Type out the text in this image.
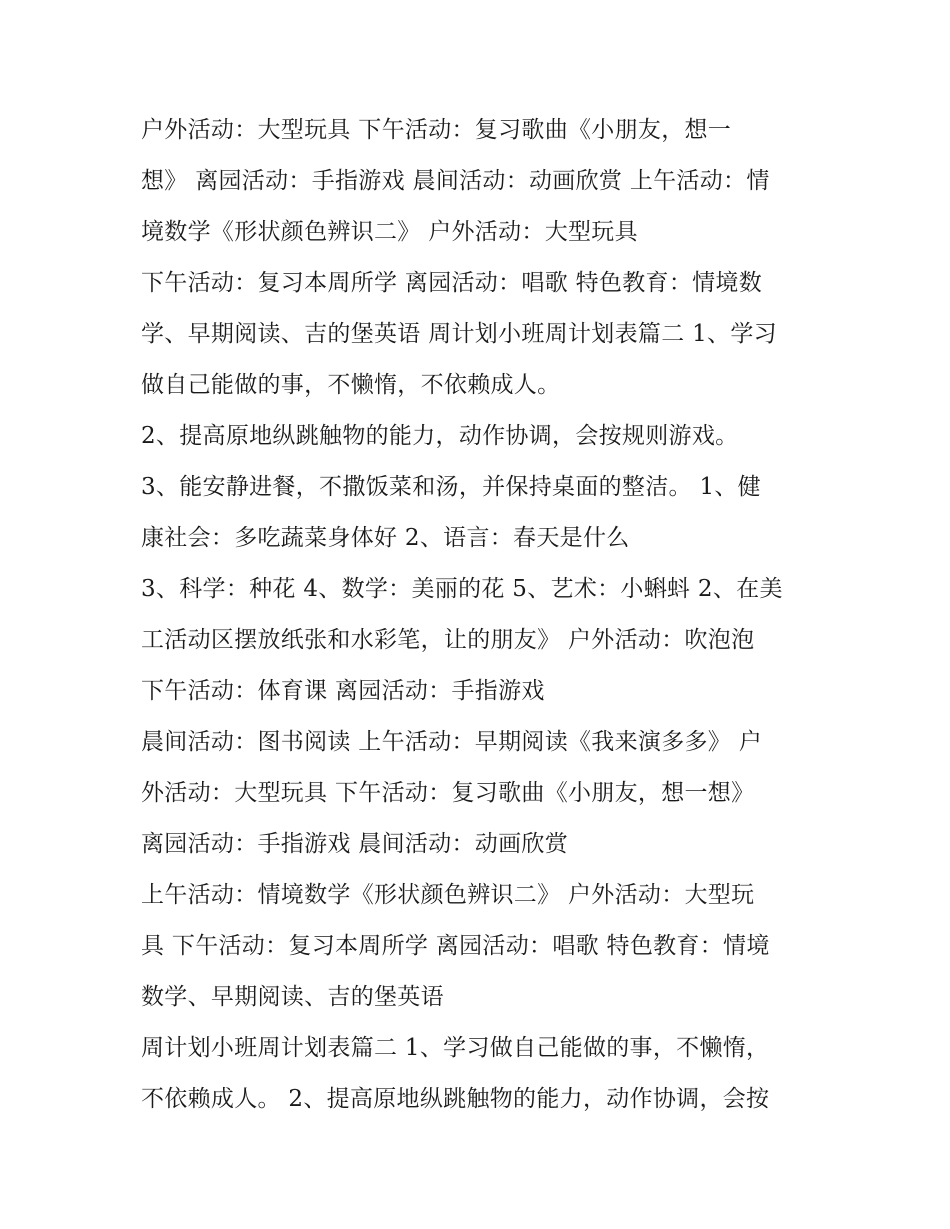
户外活动：大型玩具 下午活动：复习歌曲《小朋友，想一
想》 离园活动：手指游戏 晨间活动：动画欣赏 上午活动：情
境数学《形状颜色辨识二》 户外活动：大型玩具
下午活动：复习本周所学 离园活动：唱歌 特色教育：情境数
学、早期阅读、吉的堡英语 周计划小班周计划表篇二 1、学习
做自己能做的事，不懒惰，不依赖成人。
2、提高原地纵跳触物的能力，动作协调，会按规则游戏。
3、能安静进餐，不撒饭菜和汤，并保持桌面的整洁。 1、健
康社会：多吃蔬菜身体好 2、语言：春天是什么
3、科学：种花 4、数学：美丽的花 5、艺术：小蝌蚪 2、在美
工活动区摆放纸张和水彩笔，让的朋友》 户外活动：吹泡泡
下午活动：体育课 离园活动：手指游戏
晨间活动：图书阅读 上午活动：早期阅读《我来演多多》 户
外活动：大型玩具 下午活动：复习歌曲《小朋友，想一想》
离园活动：手指游戏 晨间活动：动画欣赏
上午活动：情境数学《形状颜色辨识二》 户外活动：大型玩
具 下午活动：复习本周所学 离园活动：唱歌 特色教育：情境
数学、早期阅读、吉的堡英语
周计划小班周计划表篇二 1、学习做自己能做的事，不懒惰，
不依赖成人。 2、提高原地纵跳触物的能力，动作协调，会按
